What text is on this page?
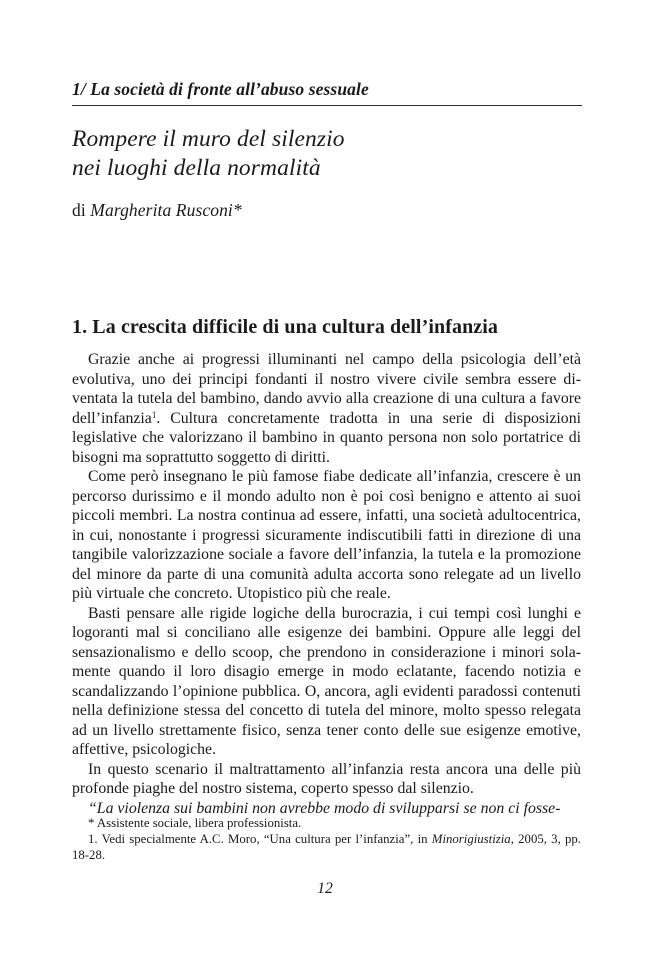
1/ La società di fronte all’abuso sessuale
Rompere il muro del silenzio
nei luoghi della normalità
di Margherita Rusconi*
1. La crescita difficile di una cultura dell’infanzia

Grazie anche ai progressi illuminanti nel campo della psicologia dell’età evolutiva, uno dei principi fondanti il nostro vivere civile sembra essere diventata la tutela del bambino, dando avvio alla creazione di una cultura a favore dell’infanzia$^1$. Cultura concretamente tradotta in una serie di disposizioni legislative che valorizzano il bambino in quanto persona non solo portatrice di bisogni ma soprattutto soggetto di diritti.

Come però insegnano le più famose fiabe dedicate all’infanzia, crescere è un percorso durissimo e il mondo adulto non è poi così benigno e attento ai suoi piccoli membri. La nostra continua ad essere, infatti, una società adultocentrica, in cui, nonostante i progressi sicuramente indiscutibili fatti in direzione di una tangibile valorizzazione sociale a favore dell’infanzia, la tutela e la promozione del minore da parte di una comunità adulta accorta sono relegate ad un livello più virtuale che concreto. Utopistico più che reale.

Basti pensare alle rigide logiche della burocrazia, i cui tempi così lunghi e logoranti mal si conciliano alle esigenze dei bambini. Oppure alle leggi del sensazionalismo e dello scoop, che prendono in considerazione i minori solamente quando il loro disagio emerge in modo eclatante, facendo notizia e scandalizzando l’opinione pubblica. O, ancora, agli evidenti paradossi contenuti nella definizione stessa del concetto di tutela del minore, molto spesso relegata ad un livello strettamente fisico, senza tener conto delle sue esigenze emotive, affettive, psicologiche.

In questo scenario il maltrattamento all’infanzia resta ancora una delle più profonde piaghe del nostro sistema, coperto spesso dal silenzio.

“La violenza sui bambini non avrebbe modo di svilupparsi se non ci fosse-

* Assistente sociale, libera professionista.

1. Vedi specialmente A.C. Moro, “Una cultura per l’infanzia”, in Minorigiustizia, 2005, 3, pp. 18-28.

12
